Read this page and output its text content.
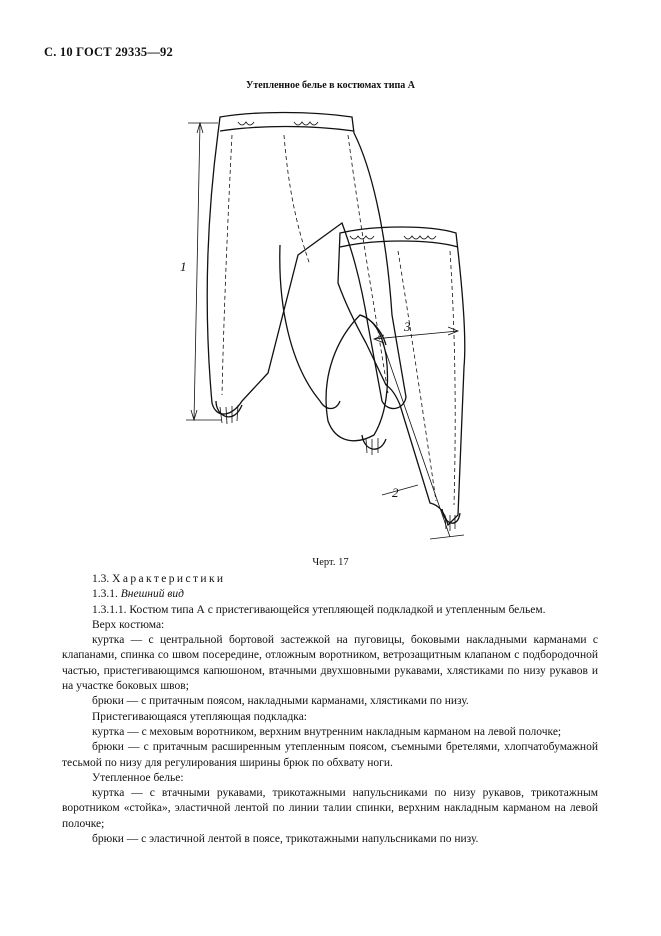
С. 10 ГОСТ 29335—92
Утепленное белье в костюмах типа А
1
3
2
Черт. 17

1.3. Характеристики

1.3.1. Внешний вид

1.3.1.1. Костюм типа А с пристегивающейся утепляющей подкладкой и утепленным бельем.

Верх костюма:

куртка — с центральной бортовой застежкой на пуговицы, боковыми накладными карманами с клапанами, спинка со швом посередине, отложным воротником, ветрозащитным клапаном с подбородочной частью, пристегивающимся капюшоном, втачными двухшовными рукавами, хлястиками по низу рукавов и на участке боковых швов;

брюки — с притачным поясом, накладными карманами, хлястиками по низу.

Пристегивающаяся утепляющая подкладка:

куртка — с меховым воротником, верхним внутренним накладным карманом на левой полочке;

брюки — с притачным расширенным утепленным поясом, съемными бретелями, хлопчатобумажной тесьмой по низу для регулирования ширины брюк по обхвату ноги.

Утепленное белье:

куртка — с втачными рукавами, трикотажными напульсниками по низу рукавов, трикотажным воротником «стойка», эластичной лентой по линии талии спинки, верхним накладным карманом на левой полочке;

брюки — с эластичной лентой в поясе, трикотажными напульсниками по низу.
